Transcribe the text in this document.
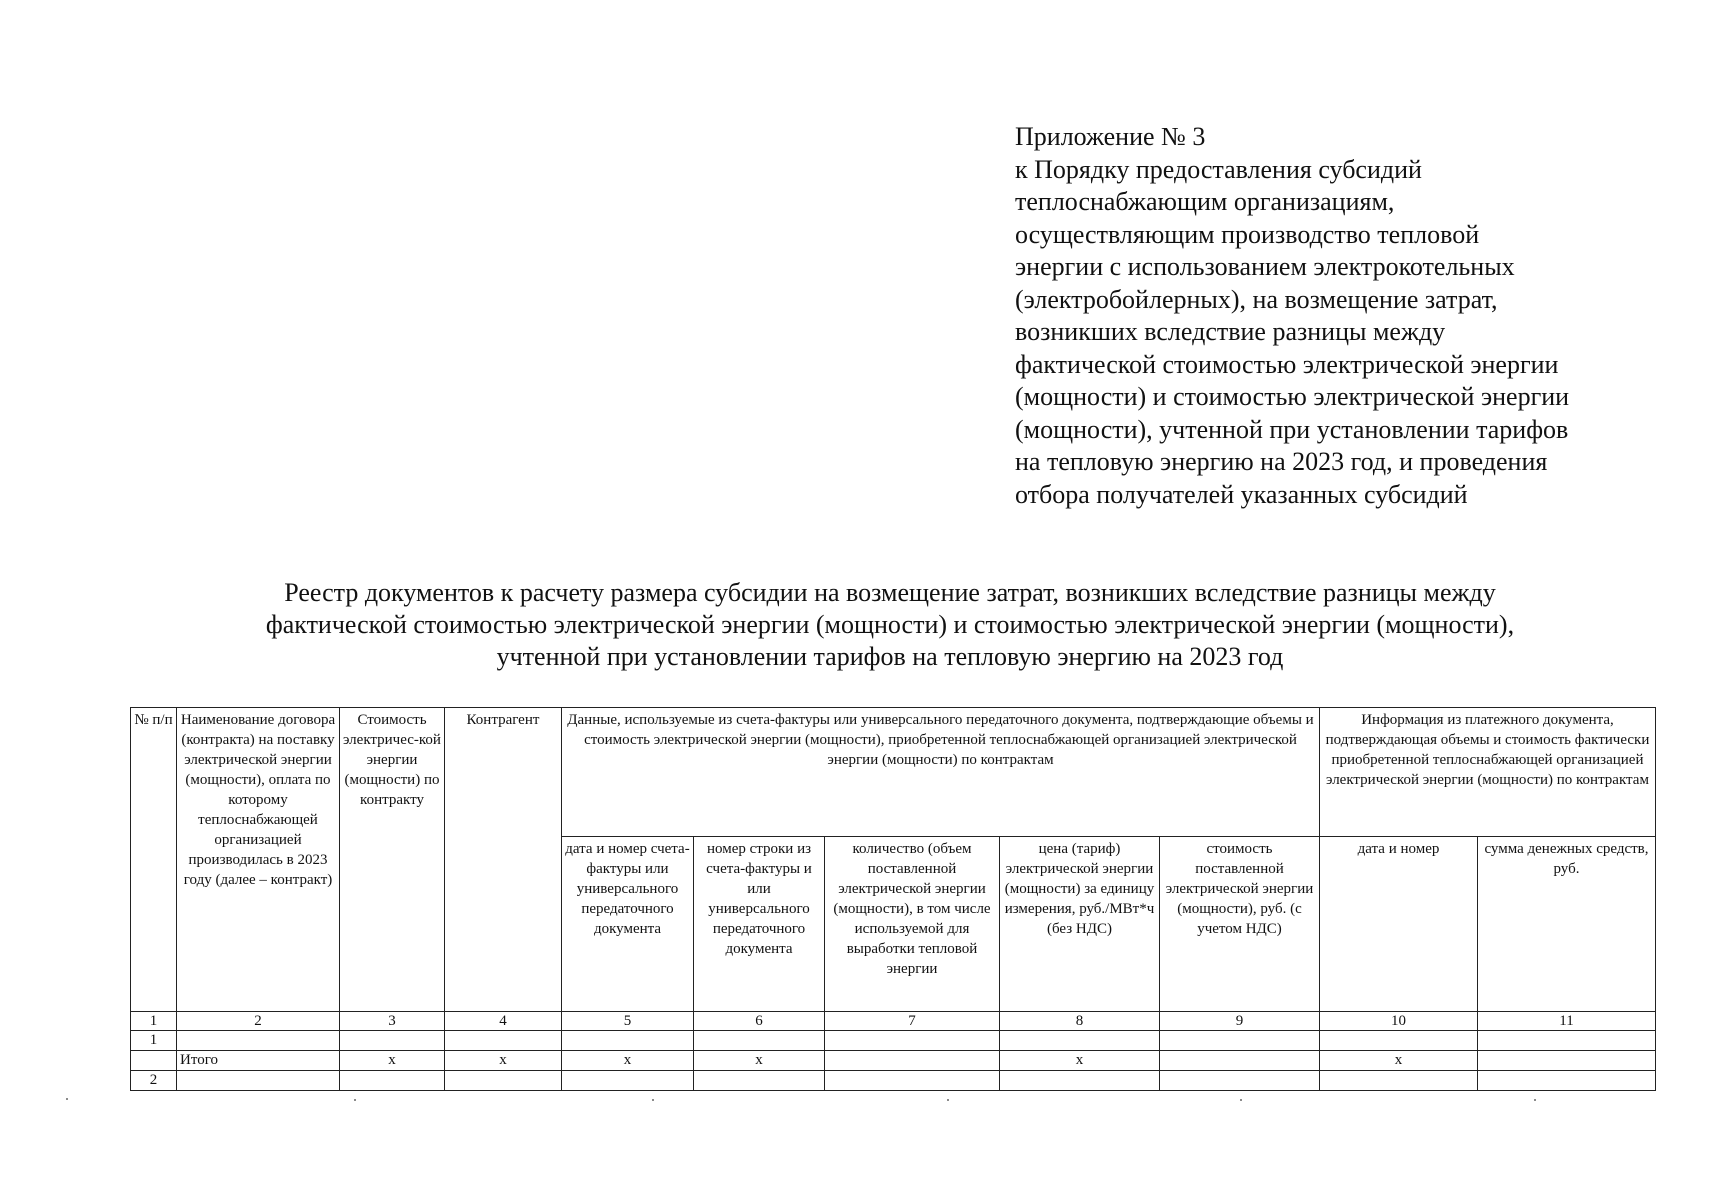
Приложение № 3
к Порядку предоставления субсидий
теплоснабжающим организациям,
осуществляющим производство тепловой
энергии с использованием электрокотельных
(электробойлерных), на возмещение затрат,
возникших вследствие разницы между
фактической стоимостью электрической энергии
(мощности) и стоимостью электрической энергии
(мощности), учтенной при установлении тарифов
на тепловую энергию на 2023 год, и проведения
отбора получателей указанных субсидий
Реестр документов к расчету размера субсидии на возмещение затрат, возникших вследствие разницы между
фактической стоимостью электрической энергии (мощности) и стоимостью электрической энергии (мощности),
учтенной при установлении тарифов на тепловую энергию на 2023 год
№ п/п	Наименование договора (контракта) на поставку электрической энергии (мощности), оплата по которому теплоснабжающей организацией производилась в 2023 году (далее – контракт)	Стоимость электричес-кой энергии (мощности) по контракту	Контрагент	Данные, используемые из счета-фактуры или универсального передаточного документа, подтверждающие объемы и стоимость электрической энергии (мощности), приобретенной теплоснабжающей организацией электрической энергии (мощности) по контрактам					Информация из платежного документа, подтверждающая объемы и стоимость фактически приобретенной теплоснабжающей организацией электрической энергии (мощности) по контрактам	
				дата и номер счета-фактуры или универсального передаточного документа	номер строки из счета-фактуры и или универсального передаточного документа	количество (объем поставленной электрической энергии (мощности), в том числе используемой для выработки тепловой энергии	цена (тариф) электрической энергии (мощности) за единицу измерения, руб./МВт*ч (без НДС)	стоимость поставленной электрической энергии (мощности), руб. (с учетом НДС)	дата и номер	сумма денежных средств, руб.
1	2	3	4	5	6	7	8	9	10	11
1										
	Итого	x	x	x	x		x		x	
2										
